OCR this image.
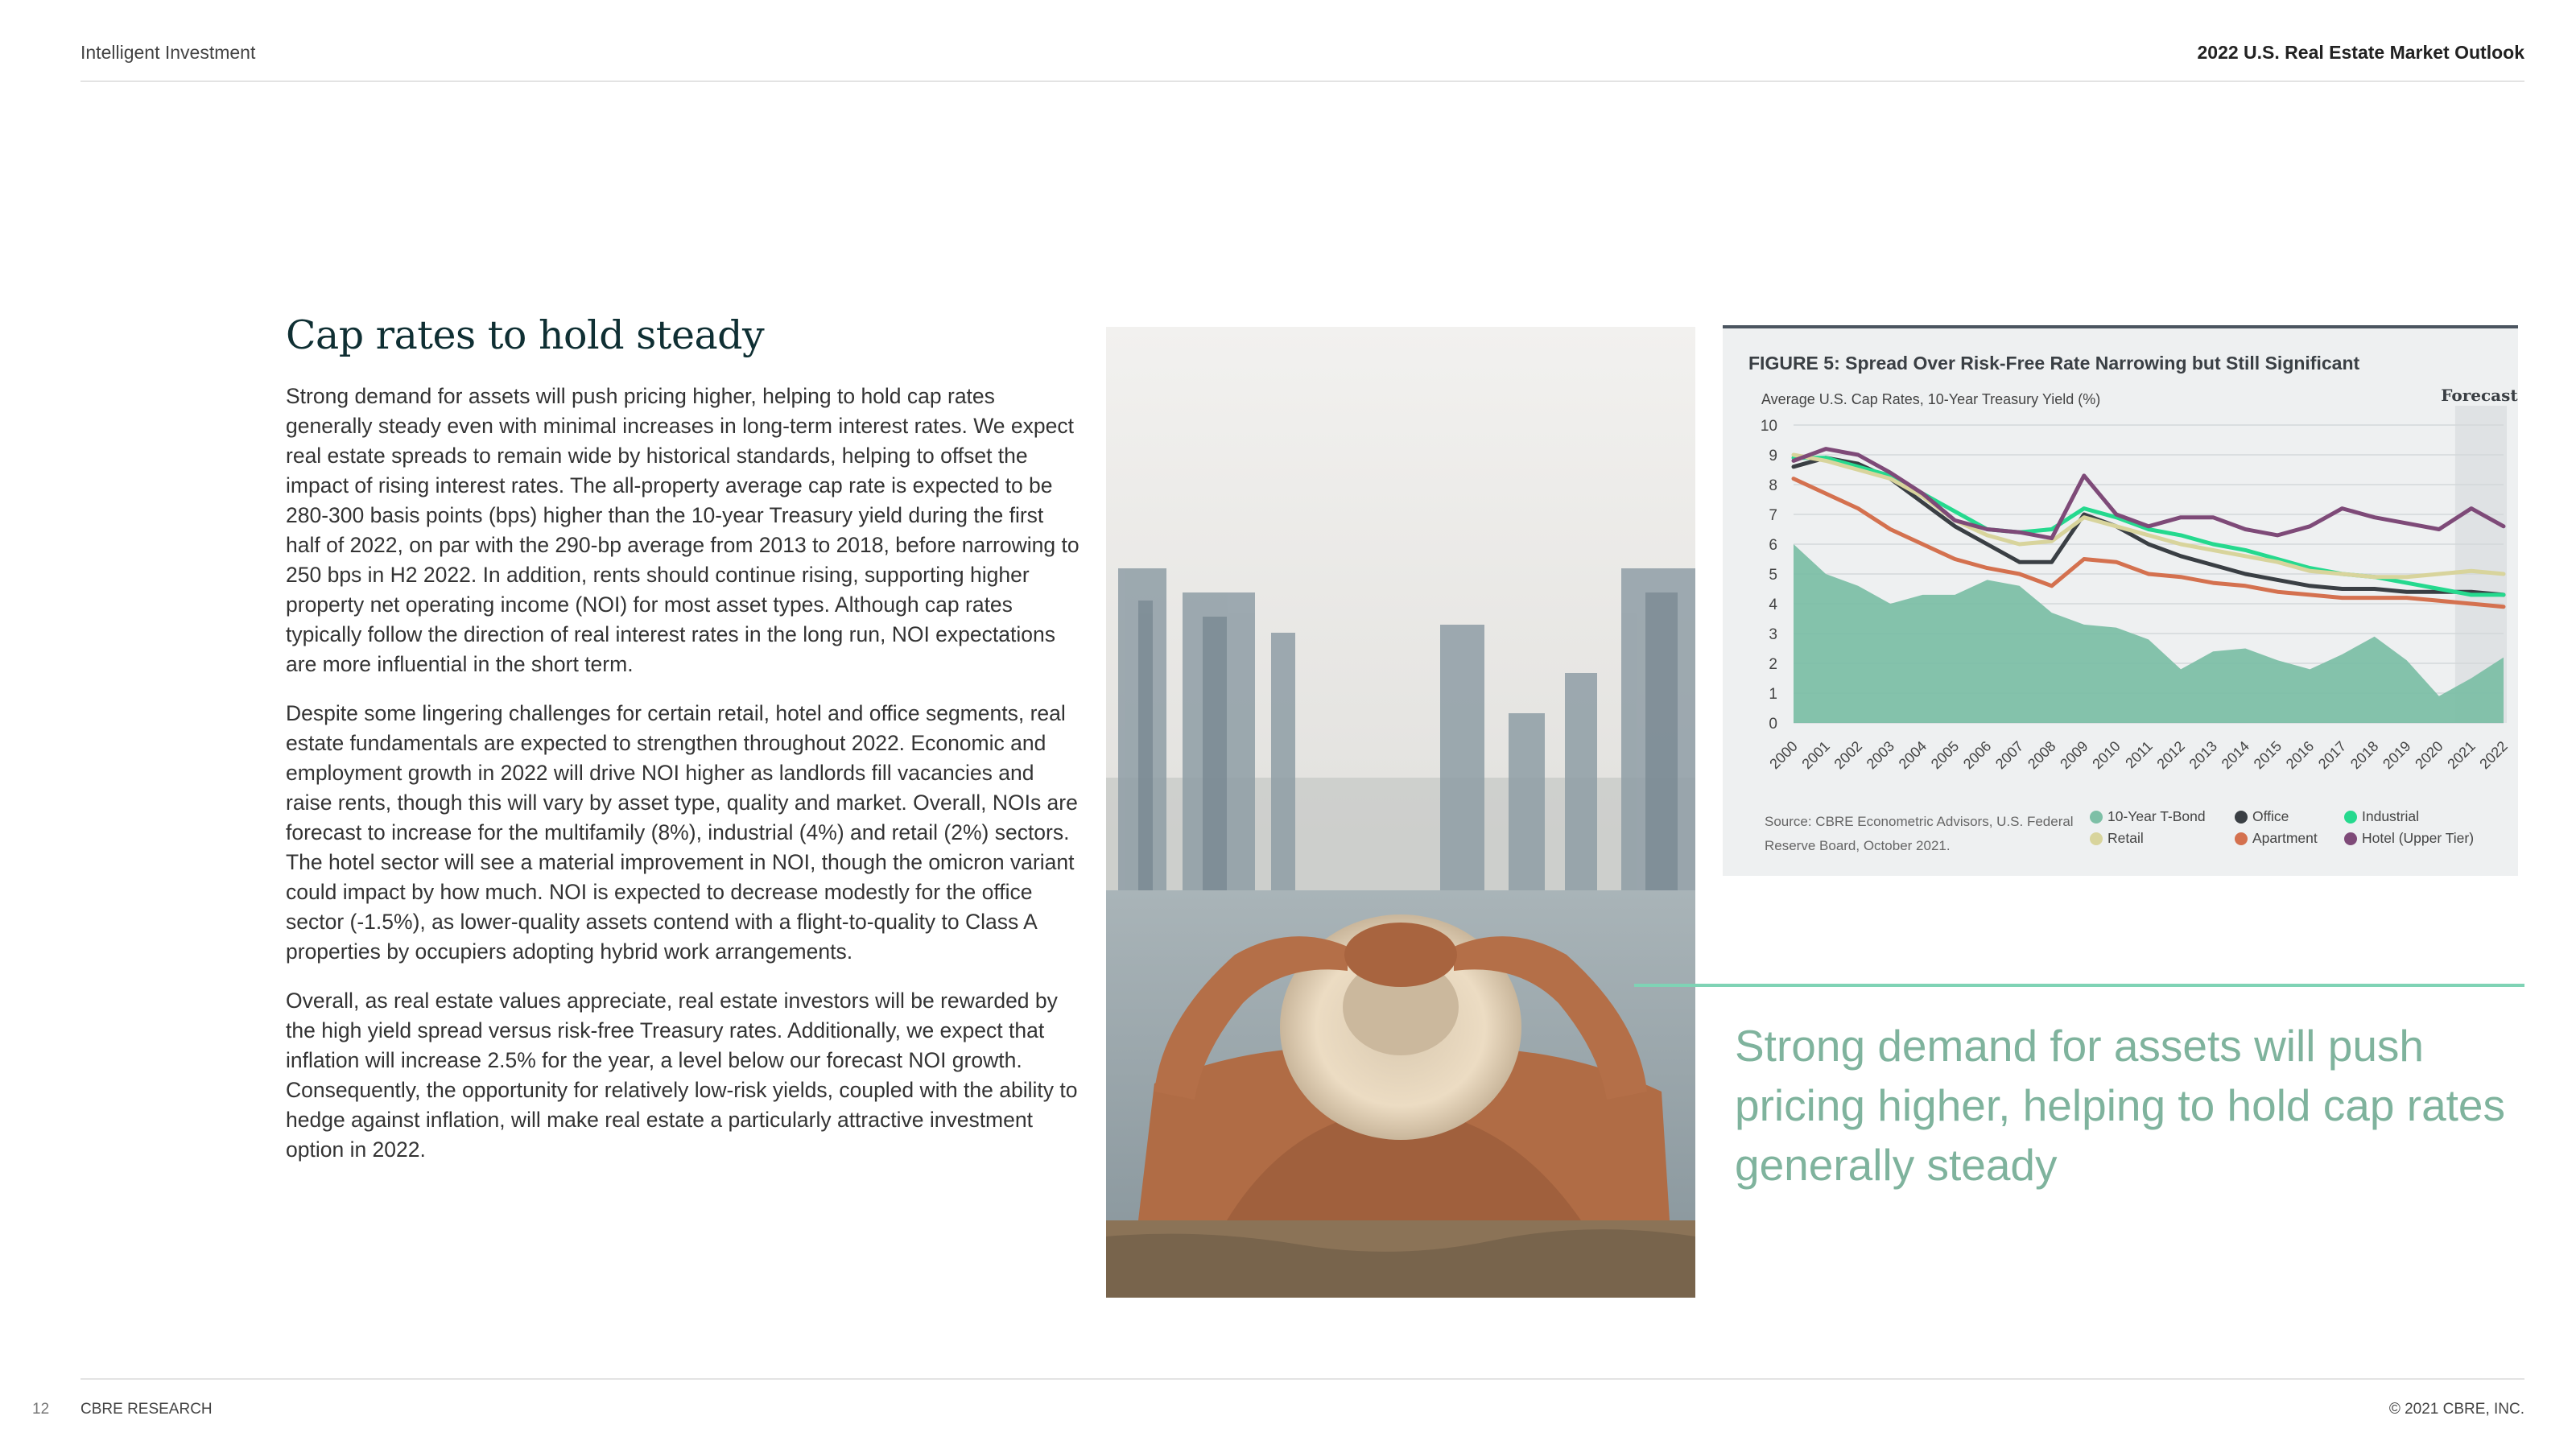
Intelligent Investment	2022 U.S. Real Estate Market Outlook
Cap rates to hold steady

Strong demand for assets will push pricing higher, helping to hold cap rates generally steady even with minimal increases in long-term interest rates. We expect real estate spreads to remain wide by historical standards, helping to offset the impact of rising interest rates. The all-property average cap rate is expected to be 280-300 basis points (bps) higher than the 10-year Treasury yield during the first half of 2022, on par with the 290-bp average from 2013 to 2018, before narrowing to 250 bps in H2 2022. In addition, rents should continue rising, supporting higher property net operating income (NOI) for most asset types. Although cap rates typically follow the direction of real interest rates in the long run, NOI expectations are more influential in the short term.

Despite some lingering challenges for certain retail, hotel and office segments, real estate fundamentals are expected to strengthen throughout 2022. Economic and employment growth in 2022 will drive NOI higher as landlords fill vacancies and raise rents, though this will vary by asset type, quality and market. Overall, NOIs are forecast to increase for the multifamily (8%), industrial (4%) and retail (2%) sectors. The hotel sector will see a material improvement in NOI, though the omicron variant could impact by how much. NOI is expected to decrease modestly for the office sector (-1.5%), as lower-quality assets contend with a flight-to-quality to Class A properties by occupiers adopting hybrid work arrangements.

Overall, as real estate values appreciate, real estate investors will be rewarded by the high yield spread versus risk-free Treasury rates. Additionally, we expect that inflation will increase 2.5% for the year, a level below our forecast NOI growth. Consequently, the opportunity for relatively low-risk yields, coupled with the ability to hedge against inflation, will make real estate a particularly attractive investment option in 2022.

FIGURE 5: Spread Over Risk-Free Rate Narrowing but Still Significant
Average U.S. Cap Rates, 10-Year Treasury Yield (%)	Forecast
0
1
2
3
4
5
6
7
8
9
10
2000
2001
2002
2003
2004
2005
2006
2007
2008
2009
2010
2011
2012
2013
2014
2015
2016
2017
2018
2019
2020
2021
2022
Source: CBRE Econometric Advisors, U.S. Federal Reserve Board, October 2021.
10-Year T-Bond	Office	Industrial
Retail	Apartment	Hotel (Upper Tier)

Strong demand for assets will push pricing higher, helping to hold cap rates generally steady

12 CBRE RESEARCH	© 2021 CBRE, INC.
